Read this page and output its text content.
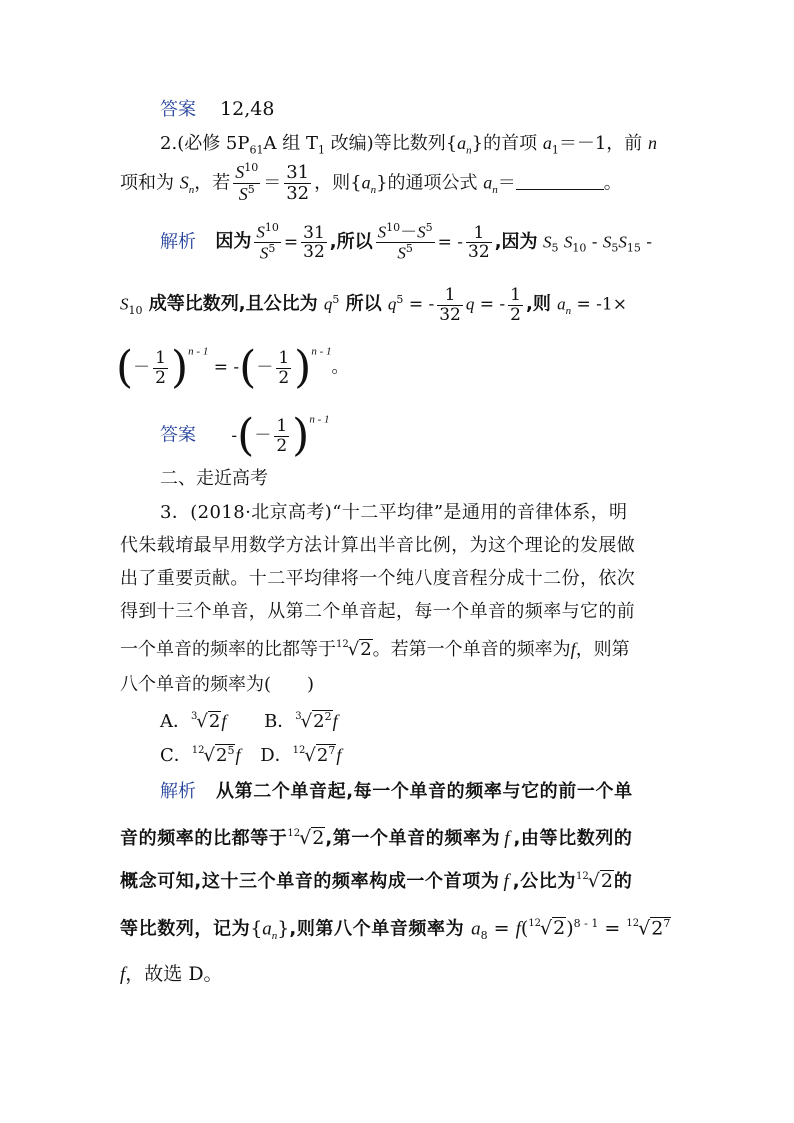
答案 12,48
2.(必修 $5P_{61}A$ 组 $T_1$ 改编)等比数列$\{a_n\}$的首项 $a_1=-1$，前 n
项和为 $S_n$，若 $\frac{S^{10}}{S^5} = \frac{31}{32}$ ，则$\{a_n\}$的通项公式 $a_n=$	。
解析 因为 $\frac{S^{10}}{S^5} = \frac{31}{32}$ ,所以 $\frac{S^{10}-S^5}{S^5}$ = - $\frac{1}{32}$ ,因为 $S_5$ $S_{10} - S_5S_{15}$ -
$S_{10}$ 成等比数列,且公比为 $q^5$ 所以 $q^5$ = - $\frac{1}{32}$ q = - $\frac{1}{2}$ ,则 $a_n = -1\times$
(－ $\frac{1}{2} )^{n - 1}$ = -(－ $\frac{1}{2} )^{n - 1}$。
答案 -(－ $\frac{1}{2} )^{n - 1}$
二、走近高考
3．(2018·北京高考)“十二平均律”是通用的音律体系，明
代朱载堉最早用数学方法计算出半音比例，为这个理论的发展做
出了重要贡献。十二平均律将一个纯八度音程分成十二份，依次
得到十三个单音，从第二个单音起，每一个单音的频率与它的前
一个单音的频率的比都等于$^{12}$√2。若第一个单音的频率为f，则第
八个单音的频率为(　　)
A．$^3$√2f B．$^3√2^2f$
C．$^{12}√2^5f$ D．$^{12}√2^7f$
解析 从第二个单音起,每一个单音的频率与它的前一个单
音的频率的比都等于$^{12}$√2,第一个单音的频率为 f ,由等比数列的
概念可知,这十三个单音的频率构成一个首项为 f ,公比为$^{12}$√2的
等比数列，记为$\{a_n\}$,则第八个单音频率为 $a_8 = f(^{12}√2)^{8 - 1} = ^{12}√2^7$
f，故选 D。
